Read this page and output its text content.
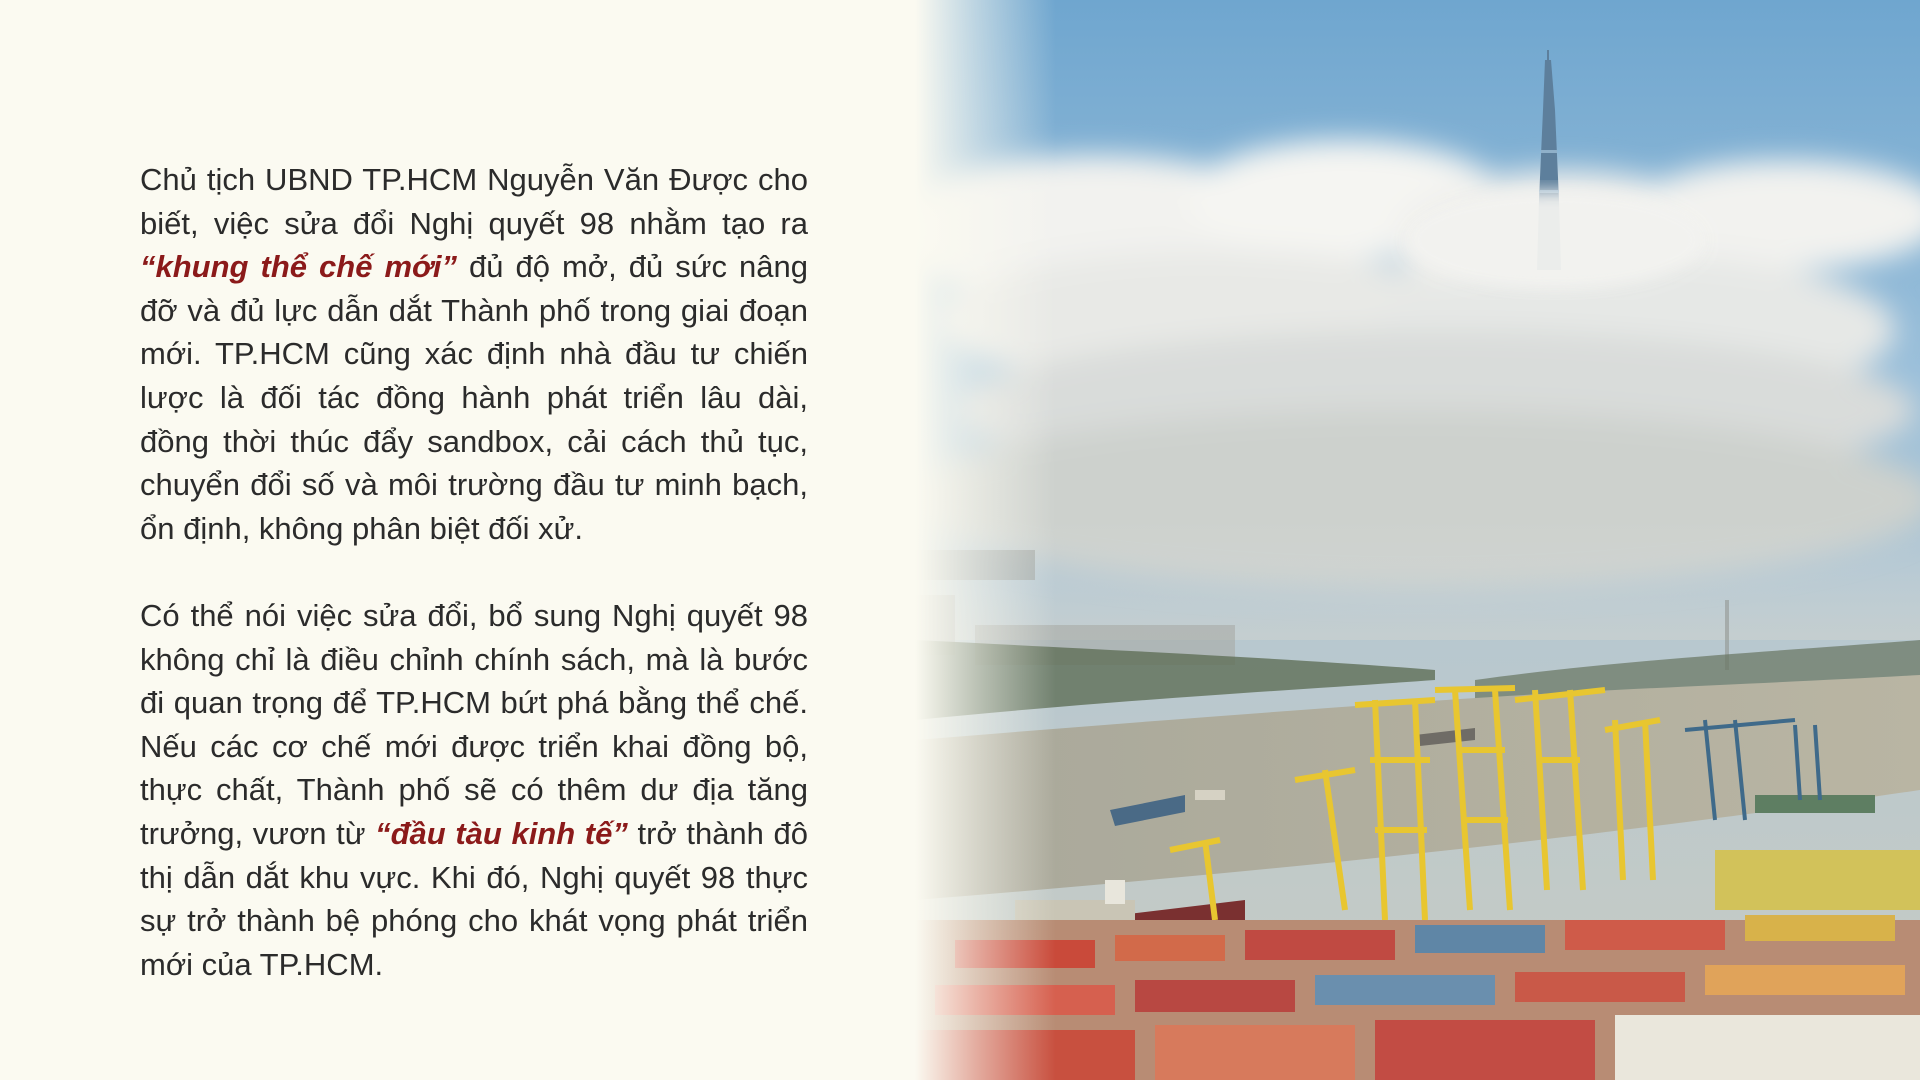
Chủ tịch UBND TP.HCM Nguyễn Văn Được cho biết, việc sửa đổi Nghị quyết 98 nhằm tạo ra “khung thể chế mới” đủ độ mở, đủ sức nâng đỡ và đủ lực dẫn dắt Thành phố trong giai đoạn mới. TP.HCM cũng xác định nhà đầu tư chiến lược là đối tác đồng hành phát triển lâu dài, đồng thời thúc đẩy sandbox, cải cách thủ tục, chuyển đổi số và môi trường đầu tư minh bạch, ổn định, không phân biệt đối xử.

Có thể nói việc sửa đổi, bổ sung Nghị quyết 98 không chỉ là điều chỉnh chính sách, mà là bước đi quan trọng để TP.HCM bứt phá bằng thể chế. Nếu các cơ chế mới được triển khai đồng bộ, thực chất, Thành phố sẽ có thêm dư địa tăng trưởng, vươn từ “đầu tàu kinh tế” trở thành đô thị dẫn dắt khu vực. Khi đó, Nghị quyết 98 thực sự trở thành bệ phóng cho khát vọng phát triển mới của TP.HCM.
